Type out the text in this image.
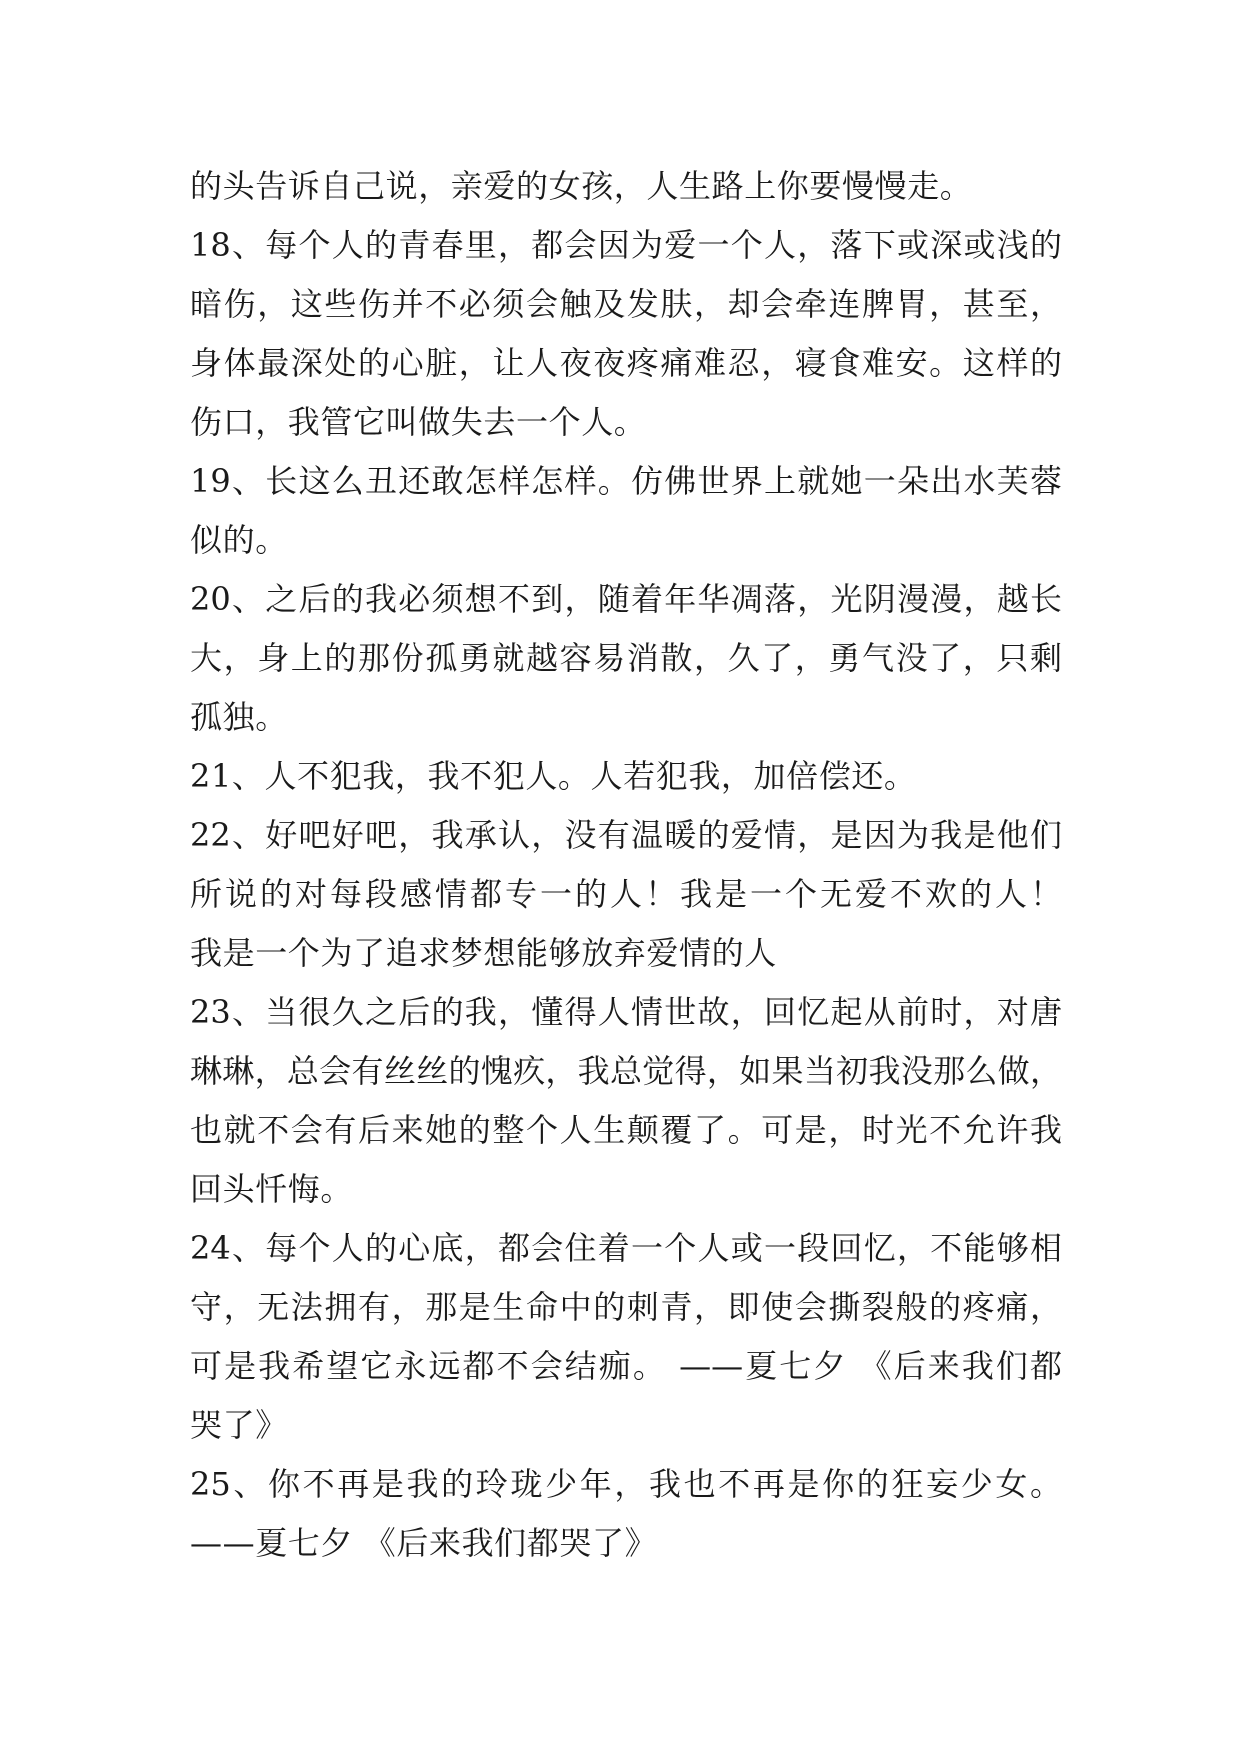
的头告诉自己说，亲爱的女孩，人生路上你要慢慢走。
18、每个人的青春里，都会因为爱一个人，落下或深或浅的
暗伤，这些伤并不必须会触及发肤，却会牵连脾胃，甚至，
身体最深处的心脏，让人夜夜疼痛难忍，寝食难安。这样的
伤口，我管它叫做失去一个人。
19、长这么丑还敢怎样怎样。仿佛世界上就她一朵出水芙蓉
似的。
20、之后的我必须想不到，随着年华凋落，光阴漫漫，越长
大，身上的那份孤勇就越容易消散，久了，勇气没了，只剩
孤独。
21、人不犯我，我不犯人。人若犯我，加倍偿还。
22、好吧好吧，我承认，没有温暖的爱情，是因为我是他们
所说的对每段感情都专一的人！我是一个无爱不欢的人！
我是一个为了追求梦想能够放弃爱情的人
23、当很久之后的我，懂得人情世故，回忆起从前时，对唐
琳琳，总会有丝丝的愧疚，我总觉得，如果当初我没那么做，
也就不会有后来她的整个人生颠覆了。可是，时光不允许我
回头忏悔。
24、每个人的心底，都会住着一个人或一段回忆，不能够相
守，无法拥有，那是生命中的刺青，即使会撕裂般的疼痛，
可是我希望它永远都不会结痂。 ——夏七夕 《后来我们都
哭了》
25、你不再是我的玲珑少年，我也不再是你的狂妄少女。
——夏七夕 《后来我们都哭了》
